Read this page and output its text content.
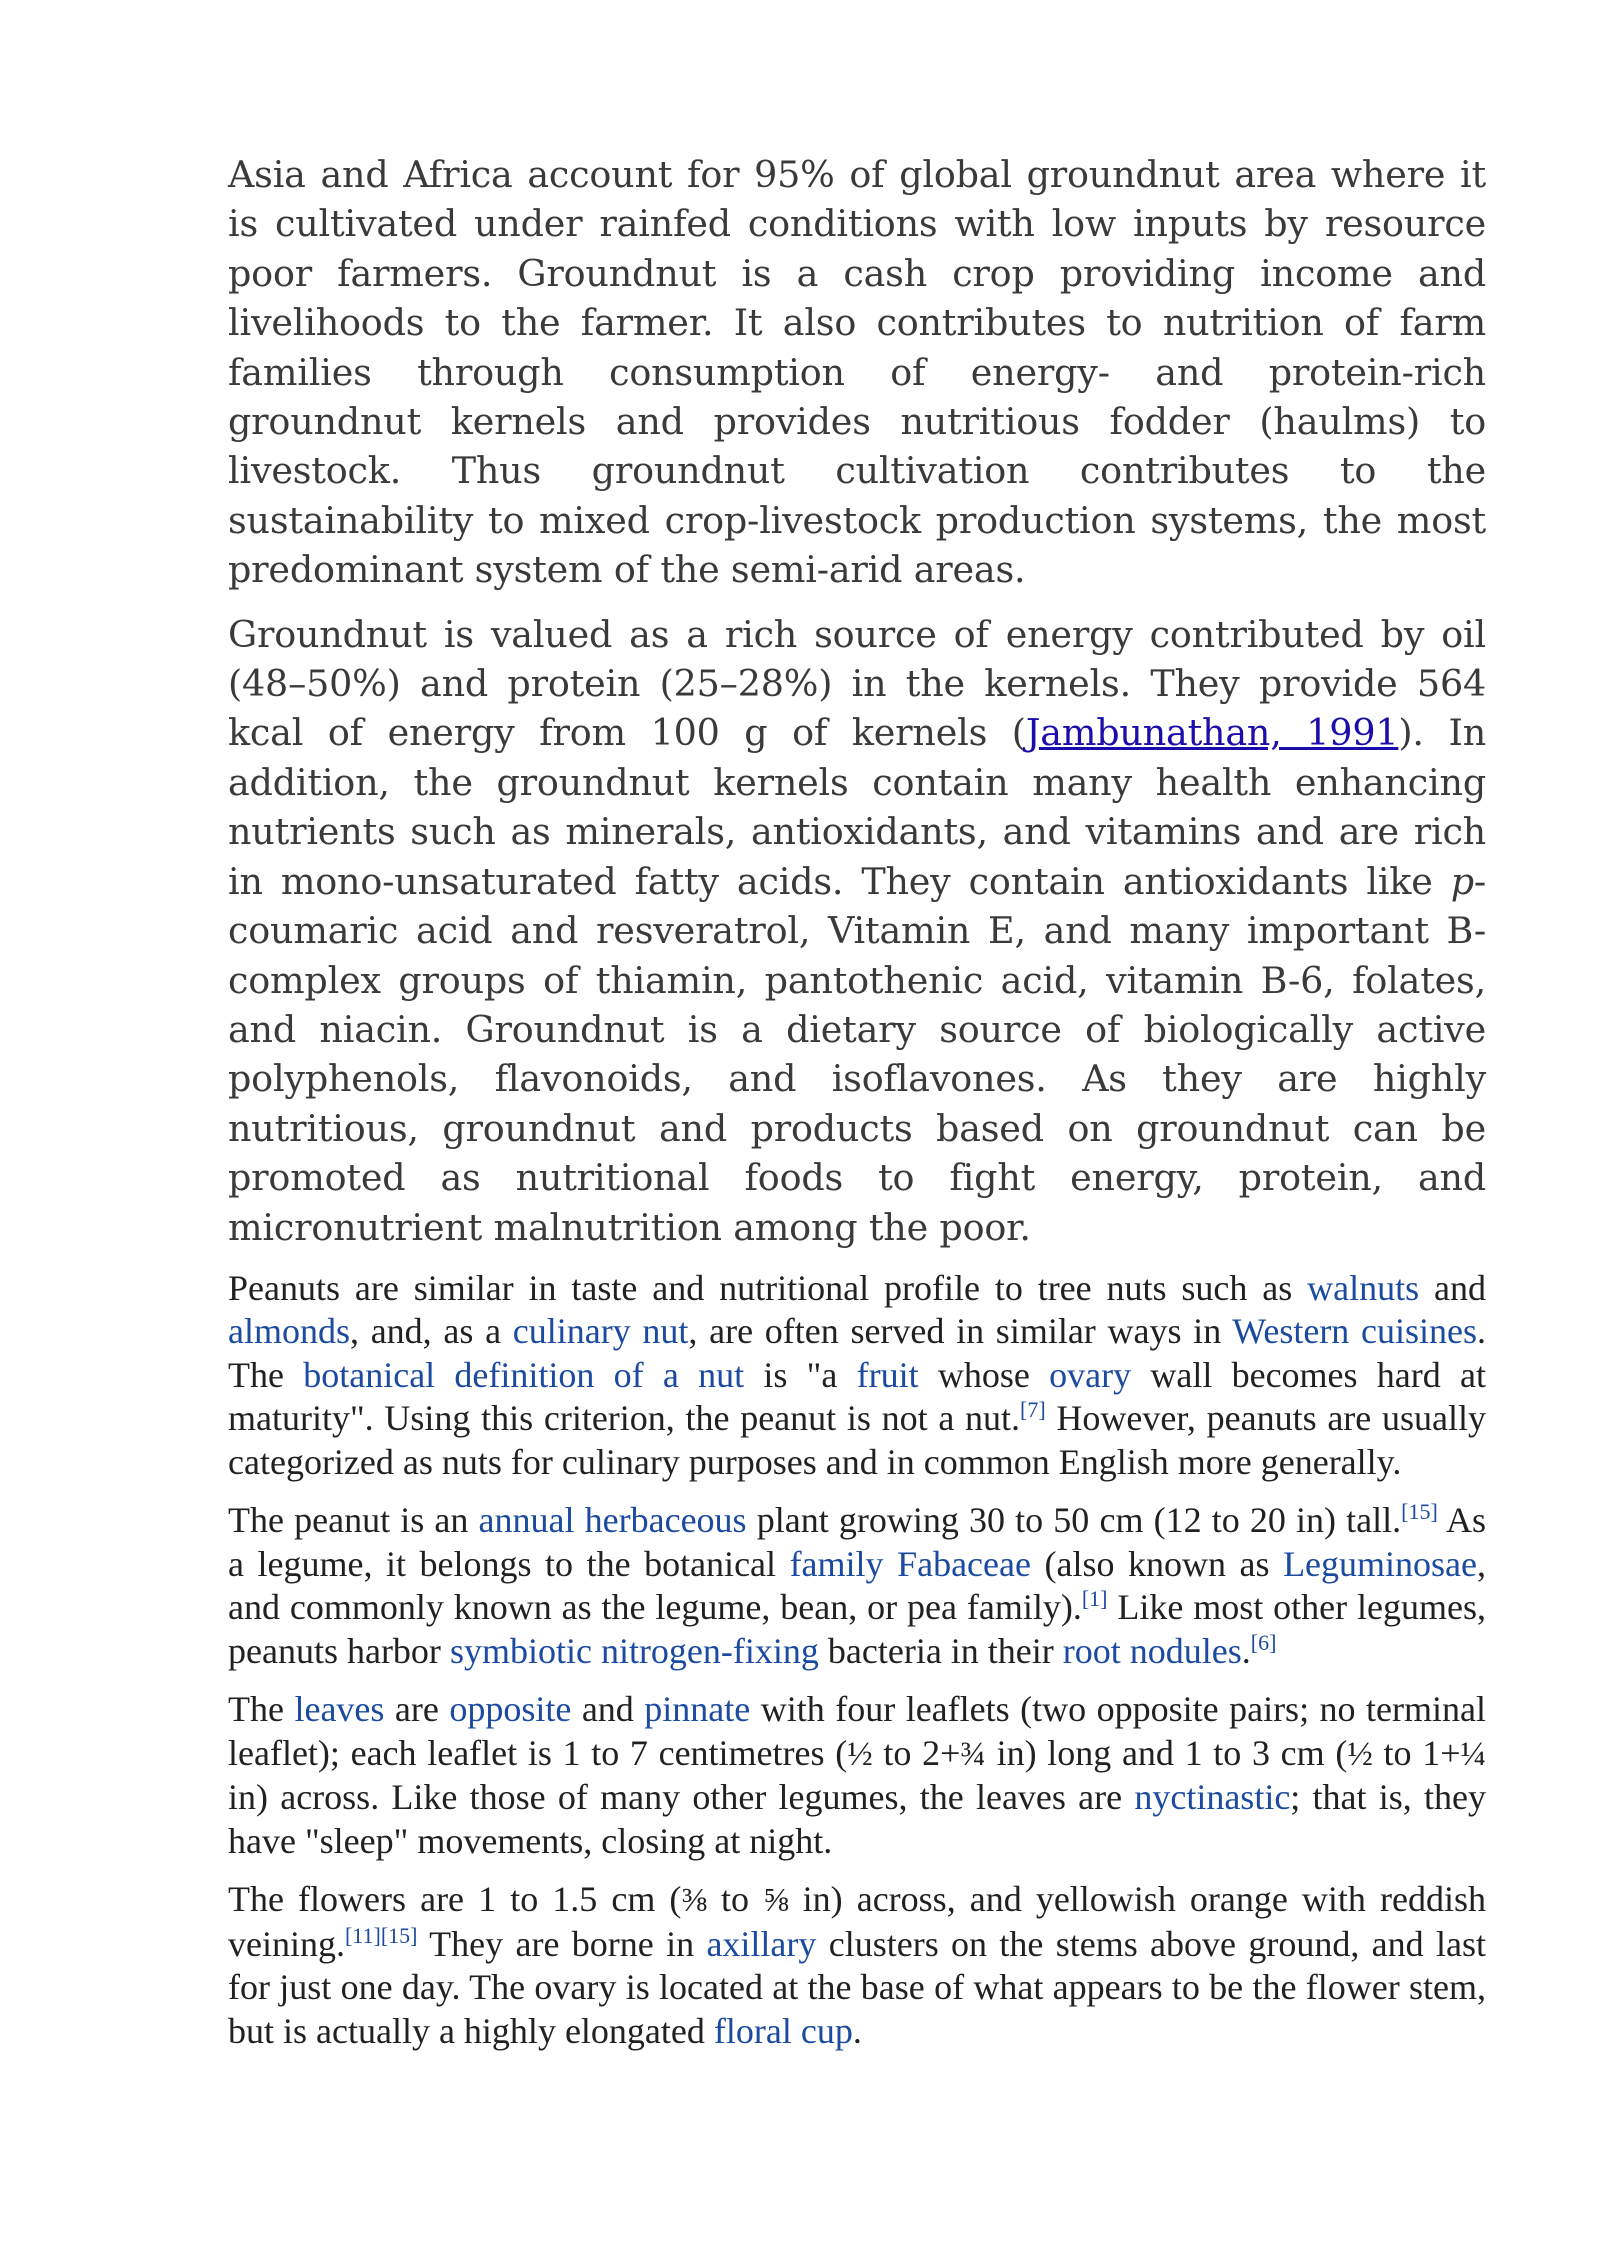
Asia and Africa account for 95% of global groundnut area where it is cultivated under rainfed conditions with low inputs by resource poor farmers. Groundnut is a cash crop providing income and livelihoods to the farmer. It also contributes to nutrition of farm families through consumption of energy- and protein-rich groundnut kernels and provides nutritious fodder (haulms) to livestock. Thus groundnut cultivation contributes to the sustainability to mixed crop-livestock production systems, the most predominant system of the semi-arid areas.

Groundnut is valued as a rich source of energy contributed by oil (48–50%) and protein (25–28%) in the kernels. They provide 564 kcal of energy from 100 g of kernels (Jambunathan, 1991). In addition, the groundnut kernels contain many health enhancing nutrients such as minerals, antioxidants, and vitamins and are rich in mono-unsaturated fatty acids. They contain antioxidants like p-coumaric acid and resveratrol, Vitamin E, and many important B-complex groups of thiamin, pantothenic acid, vitamin B-6, folates, and niacin. Groundnut is a dietary source of biologically active polyphenols, flavonoids, and isoflavones. As they are highly nutritious, groundnut and products based on groundnut can be promoted as nutritional foods to fight energy, protein, and micronutrient malnutrition among the poor.

Peanuts are similar in taste and nutritional profile to tree nuts such as walnuts and almonds, and, as a culinary nut, are often served in similar ways in Western cuisines. The botanical definition of a nut is "a fruit whose ovary wall becomes hard at maturity". Using this criterion, the peanut is not a nut.[7] However, peanuts are usually categorized as nuts for culinary purposes and in common English more generally.

The peanut is an annual herbaceous plant growing 30 to 50 cm (12 to 20 in) tall.[15] As a legume, it belongs to the botanical family Fabaceae (also known as Leguminosae, and commonly known as the legume, bean, or pea family).[1] Like most other legumes, peanuts harbor symbiotic nitrogen-fixing bacteria in their root nodules.[6]

The leaves are opposite and pinnate with four leaflets (two opposite pairs; no terminal leaflet); each leaflet is 1 to 7 centimetres (½ to 2+¾ in) long and 1 to 3 cm (½ to 1+¼ in) across. Like those of many other legumes, the leaves are nyctinastic; that is, they have "sleep" movements, closing at night.

The flowers are 1 to 1.5 cm (⅜ to ⅝ in) across, and yellowish orange with reddish veining.[11][15] They are borne in axillary clusters on the stems above ground, and last for just one day. The ovary is located at the base of what appears to be the flower stem, but is actually a highly elongated floral cup.
